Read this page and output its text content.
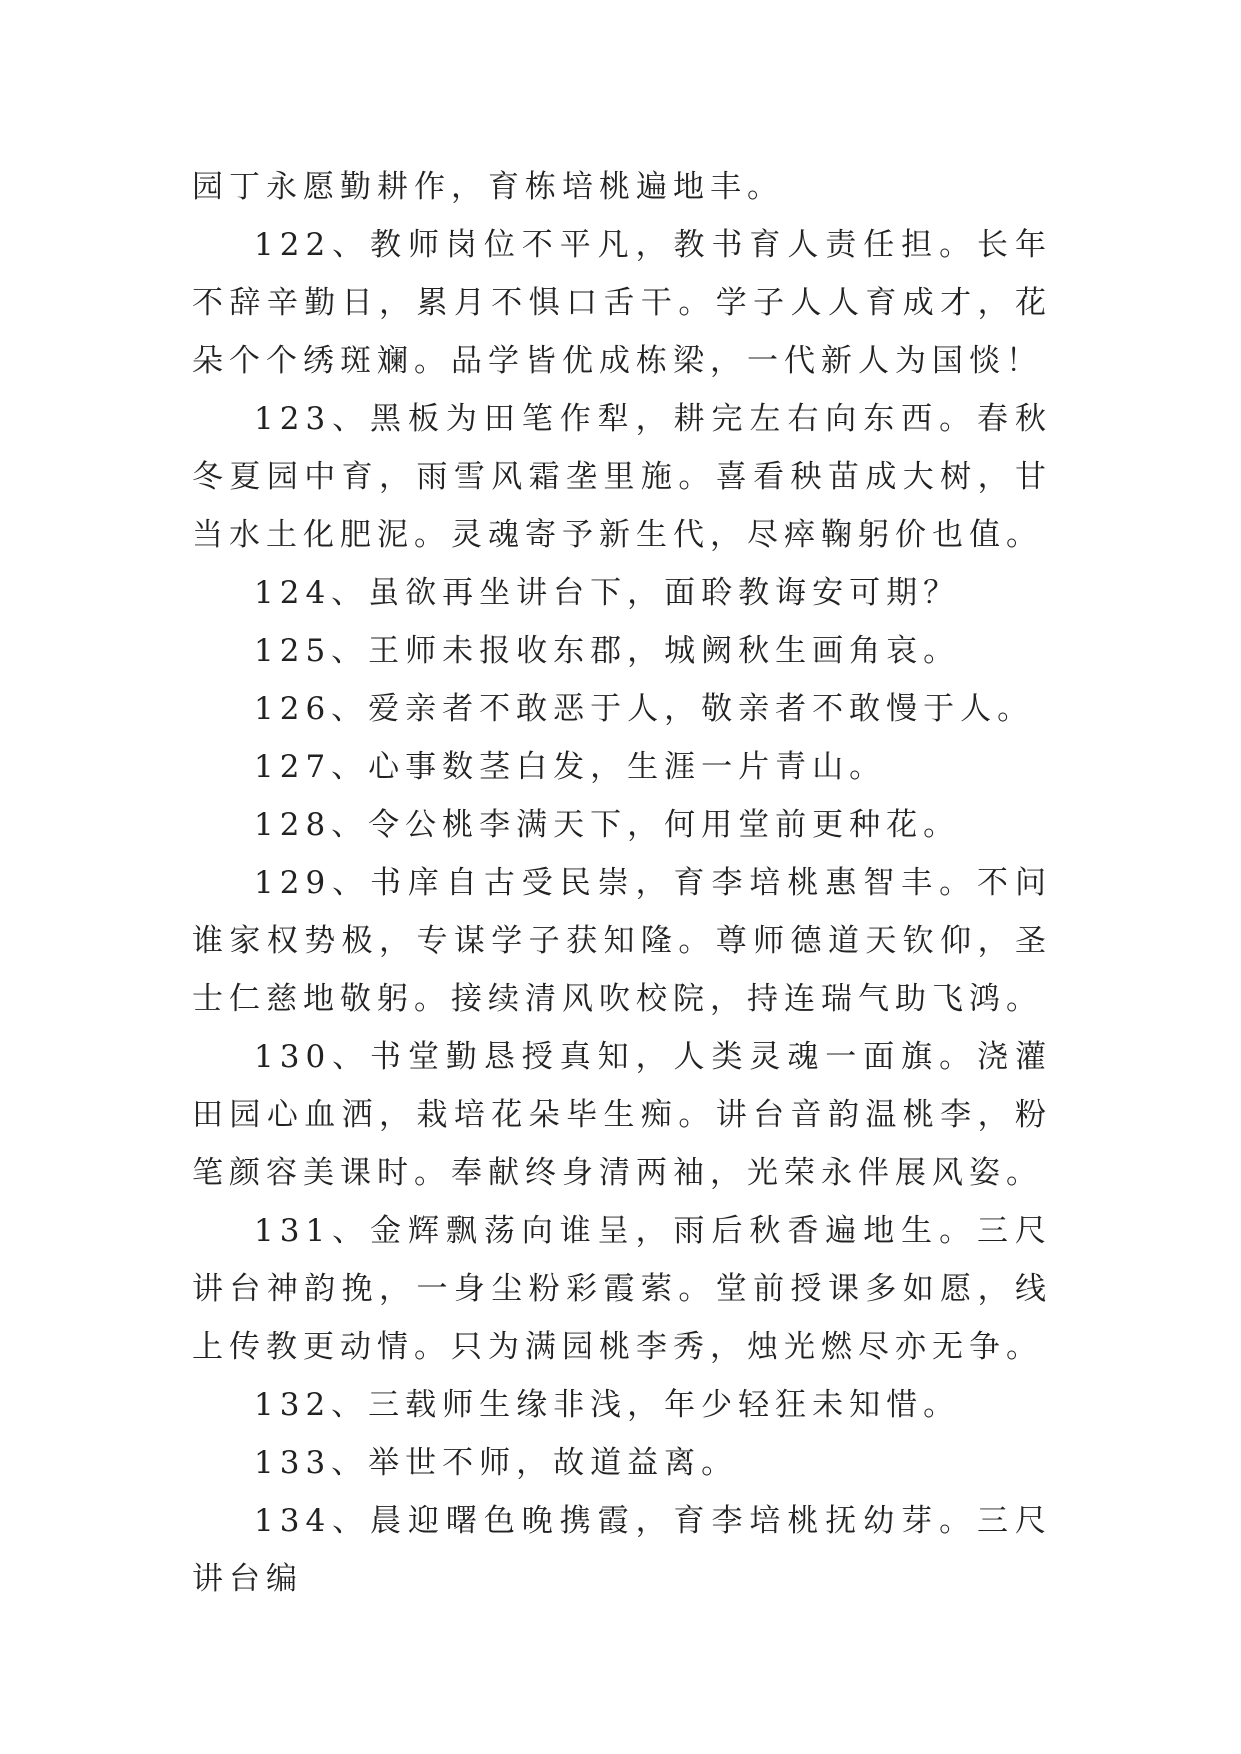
园丁永愿勤耕作，育栋培桃遍地丰。

122、教师岗位不平凡，教书育人责任担。长年不辞辛勤日，累月不惧口舌干。学子人人育成才，花朵个个绣斑斓。品学皆优成栋梁，一代新人为国惔！

123、黑板为田笔作犁，耕完左右向东西。春秋冬夏园中育，雨雪风霜垄里施。喜看秧苗成大树，甘当水土化肥泥。灵魂寄予新生代，尽瘁鞠躬价也值。

124、虽欲再坐讲台下，面聆教诲安可期？

125、王师未报收东郡，城阙秋生画角哀。

126、爱亲者不敢恶于人，敬亲者不敢慢于人。

127、心事数茎白发，生涯一片青山。

128、令公桃李满天下，何用堂前更种花。

129、书庠自古受民崇，育李培桃惠智丰。不问谁家权势极，专谋学子获知隆。尊师德道天钦仰，圣士仁慈地敬躬。接续清风吹校院，持连瑞气助飞鸿。

130、书堂勤恳授真知，人类灵魂一面旗。浇灌田园心血洒，栽培花朵毕生痴。讲台音韵温桃李，粉笔颜容美课时。奉献终身清两袖，光荣永伴展风姿。

131、金辉飘荡向谁呈，雨后秋香遍地生。三尺讲台神韵挽，一身尘粉彩霞萦。堂前授课多如愿，线上传教更动情。只为满园桃李秀，烛光燃尽亦无争。

132、三载师生缘非浅，年少轻狂未知惜。

133、举世不师，故道益离。

134、晨迎曙色晚携霞，育李培桃抚幼芽。三尺讲台编
